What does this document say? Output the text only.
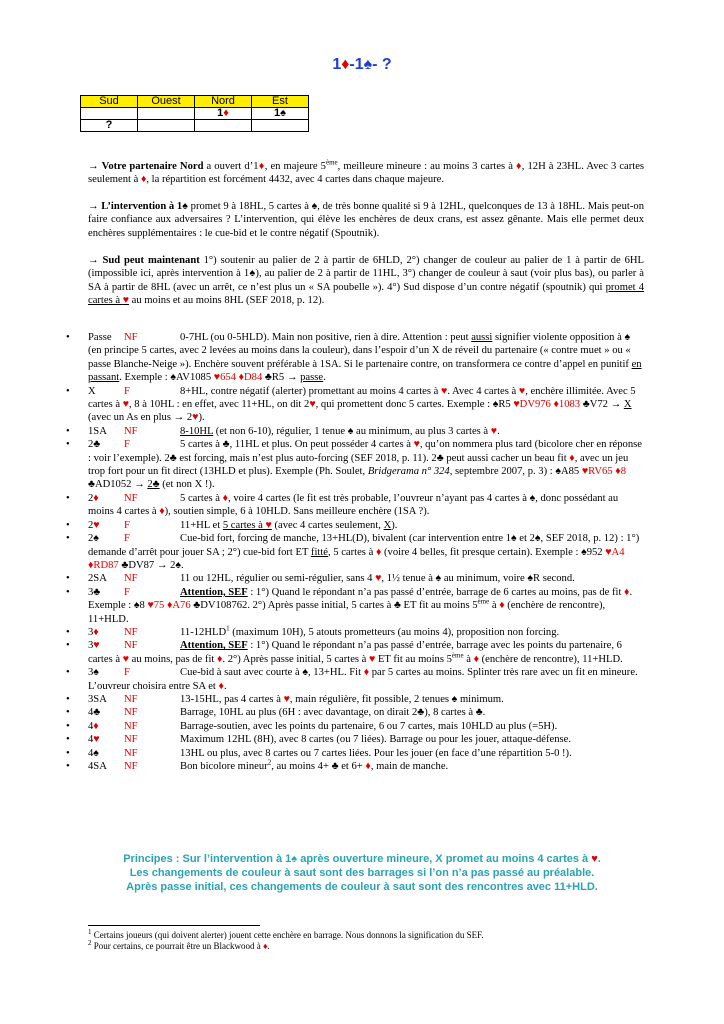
1♦-1♠- ?
Sud	Ouest	Nord	Est
		1♦	1♠
?			
→ Votre partenaire Nord a ouvert d’1♦, en majeure 5ème, meilleure mineure : au moins 3 cartes à ♦, 12H à 23HL. Avec 3 cartes seulement à ♦, la répartition est forcément 4432, avec 4 cartes dans chaque majeure.
→ L’intervention à 1♠ promet 9 à 18HL, 5 cartes à ♠, de très bonne qualité si 9 à 12HL, quelconques de 13 à 18HL. Mais peut-on faire confiance aux adversaires ? L’intervention, qui élève les enchères de deux crans, est assez gênante. Mais elle permet deux enchères supplémentaires : le cue-bid et le contre négatif (Spoutnik).
→ Sud peut maintenant 1°) soutenir au palier de 2 à partir de 6HLD, 2°) changer de couleur au palier de 1 à partir de 6HL (impossible ici, après intervention à 1♠), au palier de 2 à partir de 11HL, 3°) changer de couleur à saut (voir plus bas), ou parler à SA à partir de 8HL (avec un arrêt, ce n’est plus un « SA poubelle »). 4°) Sud dispose d’un contre négatif (spoutnik) qui promet 4 cartes à ♥ au moins et au moins 8HL (SEF 2018, p. 12).
• Passe NF	0-7HL (ou 0-5HLD). Main non positive, rien à dire. Attention : peut aussi signifier violente opposition à ♠ (en principe 5 cartes, avec 2 levées au moins dans la couleur), dans l’espoir d’un X de réveil du partenaire (« contre muet » ou « passe Blanche-Neige »). Enchère souvent préférable à 1SA. Si le partenaire contre, on transformera ce contre d’appel en punitif en passant. Exemple : ♠AV1085 ♥654 ♦D84 ♣R5 → passe.
• X	F	8+HL, contre négatif (alerter) promettant au moins 4 cartes à ♥. Avec 4 cartes à ♥, enchère illimitée. Avec 5 cartes à ♥, 8 à 10HL : en effet, avec 11+HL, on dit 2♥, qui promettent donc 5 cartes. Exemple : ♠R5 ♥DV976 ♦1083 ♣V72 → X (avec un As en plus → 2♥).
• 1SA NF	8-10HL (et non 6-10), régulier, 1 tenue ♠ au minimum, au plus 3 cartes à ♥.
• 2♣ F	5 cartes à ♣, 11HL et plus. On peut posséder 4 cartes à ♥, qu’on nommera plus tard (bicolore cher en réponse : voir l’exemple). 2♣ est forcing, mais n’est plus auto-forcing (SEF 2018, p. 11). 2♣ peut aussi cacher un beau fit ♦, avec un jeu trop fort pour un fit direct (13HLD et plus). Exemple (Ph. Soulet, Bridgerama n° 324, septembre 2007, p. 3) : ♠A85 ♥RV65 ♦8 ♣AD1052 → 2♣ (et non X !).
• 2♦ NF	5 cartes à ♦, voire 4 cartes (le fit est très probable, l’ouvreur n’ayant pas 4 cartes à ♠, donc possédant au moins 4 cartes à ♦), soutien simple, 6 à 10HLD. Sans meilleure enchère (1SA ?).
• 2♥ F	11+HL et 5 cartes à ♥ (avec 4 cartes seulement, X).
• 2♠ F	Cue-bid fort, forcing de manche, 13+HL(D), bivalent (car intervention entre 1♠ et 2♠, SEF 2018, p. 12) : 1°) demande d’arrêt pour jouer SA ; 2°) cue-bid fort ET fitté, 5 cartes à ♦ (voire 4 belles, fit presque certain). Exemple : ♠952 ♥A4 ♦RD87 ♣DV87 → 2♠.
• 2SA NF	11 ou 12HL, régulier ou semi-régulier, sans 4 ♥, 1½ tenue à ♠ au minimum, voire ♠R second.
• 3♣ F	Attention, SEF : 1°) Quand le répondant n’a pas passé d’entrée, barrage de 6 cartes au moins, pas de fit ♦. Exemple : ♠8 ♥75 ♦A76 ♣DV108762. 2°) Après passe initial, 5 cartes à ♣ ET fit au moins 5ème à ♦ (enchère de rencontre), 11+HLD.
• 3♦ NF	11-12HLD$^1$ (maximum 10H), 5 atouts prometteurs (au moins 4), proposition non forcing.
• 3♥ NF	Attention, SEF : 1°) Quand le répondant n’a pas passé d’entrée, barrage avec les points du partenaire, 6 cartes à ♥ au moins, pas de fit ♦. 2°) Après passe initial, 5 cartes à ♥ ET fit au moins 5ème à ♦ (enchère de rencontre), 11+HLD.
• 3♠ F	Cue-bid à saut avec courte à ♠, 13+HL. Fit ♦ par 5 cartes au moins. Splinter très rare avec un fit en mineure. L’ouvreur choisira entre SA et ♦.
• 3SA NF	13-15HL, pas 4 cartes à ♥, main régulière, fit possible, 2 tenues ♠ minimum.
• 4♣ NF	Barrage, 10HL au plus (6H : avec davantage, on dirait 2♣), 8 cartes à ♣.
• 4♦ NF	Barrage-soutien, avec les points du partenaire, 6 ou 7 cartes, mais 10HLD au plus (=5H).
• 4♥ NF	Maximum 12HL (8H), avec 8 cartes (ou 7 liées). Barrage ou pour les jouer, attaque-défense.
• 4♠ NF	13HL ou plus, avec 8 cartes ou 7 cartes liées. Pour les jouer (en face d’une répartition 5-0 !).
• 4SA NF	Bon bicolore mineur$^2$, au moins 4+ ♣ et 6+ ♦, main de manche.
Principes : Sur l’intervention à 1♠ après ouverture mineure, X promet au moins 4 cartes à ♥.
Les changements de couleur à saut sont des barrages si l’on n’a pas passé au préalable.
Après passe initial, ces changements de couleur à saut sont des rencontres avec 11+HLD.
$^1$ Certains joueurs (qui doivent alerter) jouent cette enchère en barrage. Nous donnons la signification du SEF.
$^2$ Pour certains, ce pourrait être un Blackwood à ♦.
